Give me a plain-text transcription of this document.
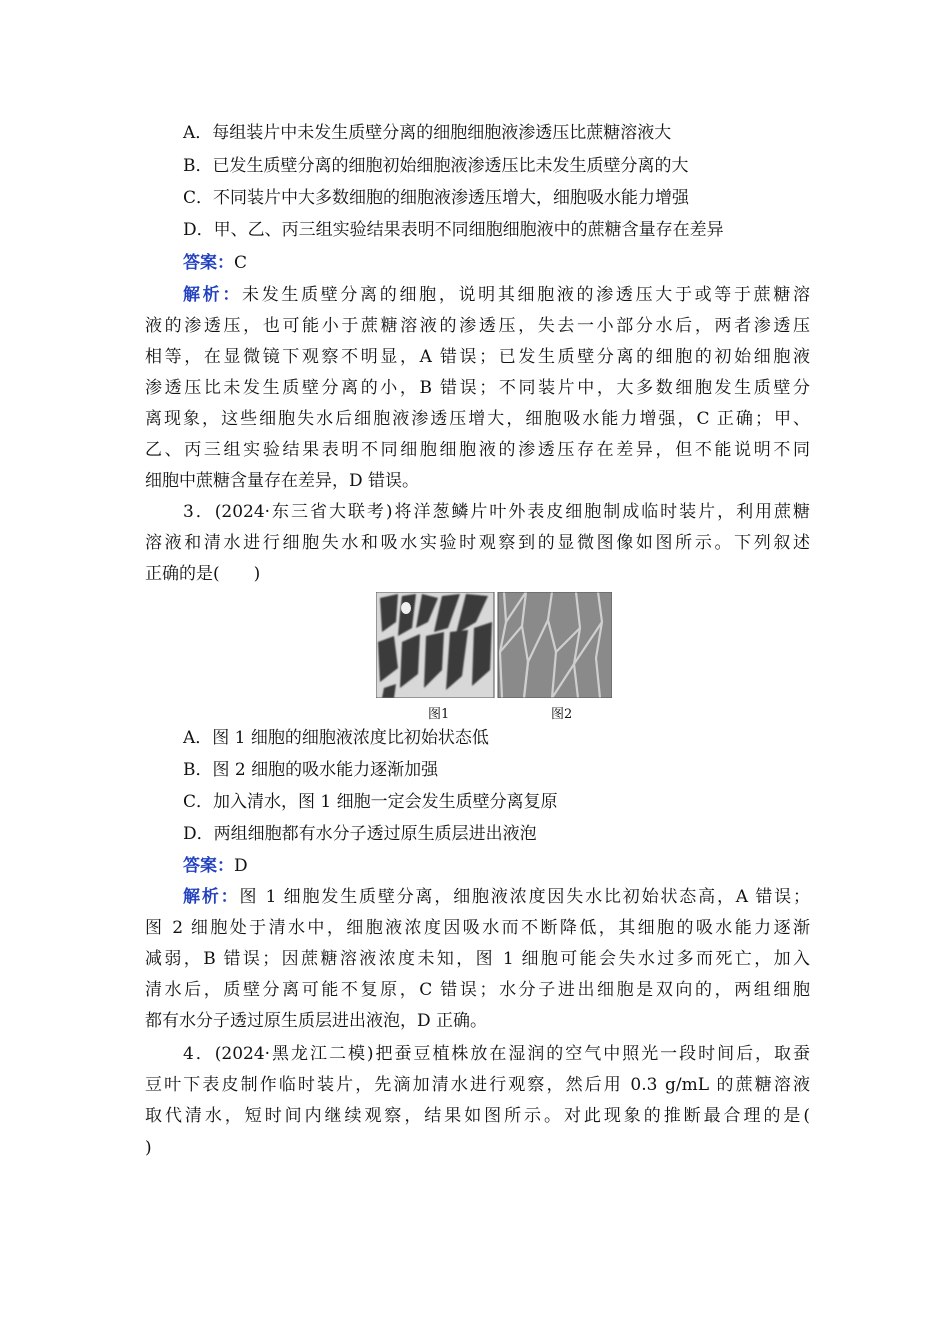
A．每组装片中未发生质壁分离的细胞细胞液渗透压比蔗糖溶液大
B．已发生质壁分离的细胞初始细胞液渗透压比未发生质壁分离的大
C．不同装片中大多数细胞的细胞液渗透压增大，细胞吸水能力增强
D．甲、乙、丙三组实验结果表明不同细胞细胞液中的蔗糖含量存在差异
答案：C
解析：未发生质壁分离的细胞，说明其细胞液的渗透压大于或等于蔗糖溶
液的渗透压，也可能小于蔗糖溶液的渗透压，失去一小部分水后，两者渗透压
相等，在显微镜下观察不明显，A 错误；已发生质壁分离的细胞的初始细胞液
渗透压比未发生质壁分离的小，B 错误；不同装片中，大多数细胞发生质壁分
离现象，这些细胞失水后细胞液渗透压增大，细胞吸水能力增强，C 正确；甲、
乙、丙三组实验结果表明不同细胞细胞液的渗透压存在差异，但不能说明不同
细胞中蔗糖含量存在差异，D 错误。
3．(2024·东三省大联考)将洋葱鳞片叶外表皮细胞制成临时装片，利用蔗糖
溶液和清水进行细胞失水和吸水实验时观察到的显微图像如图所示。下列叙述
正确的是(　　)
图1	图2
A．图 1 细胞的细胞液浓度比初始状态低
B．图 2 细胞的吸水能力逐渐加强
C．加入清水，图 1 细胞一定会发生质壁分离复原
D．两组细胞都有水分子透过原生质层进出液泡
答案：D
解析：图 1 细胞发生质壁分离，细胞液浓度因失水比初始状态高，A 错误；
图 2 细胞处于清水中，细胞液浓度因吸水而不断降低，其细胞的吸水能力逐渐
减弱，B 错误；因蔗糖溶液浓度未知，图 1 细胞可能会失水过多而死亡，加入
清水后，质壁分离可能不复原，C 错误；水分子进出细胞是双向的，两组细胞
都有水分子透过原生质层进出液泡，D 正确。
4．(2024·黑龙江二模)把蚕豆植株放在湿润的空气中照光一段时间后，取蚕
豆叶下表皮制作临时装片，先滴加清水进行观察，然后用 0.3 g/mL 的蔗糖溶液
取代清水，短时间内继续观察，结果如图所示。对此现象的推断最合理的是(
)
